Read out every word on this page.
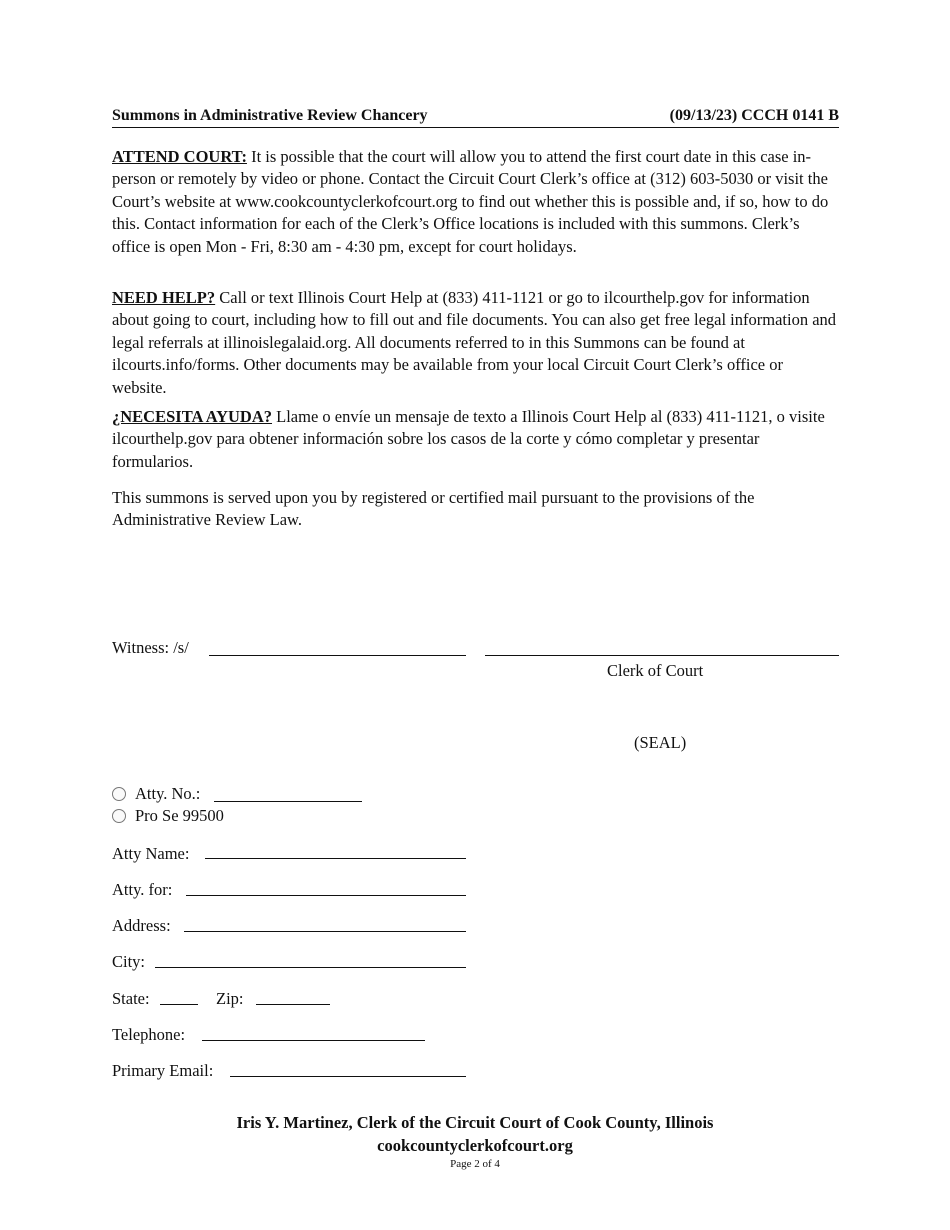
Summons in Administrative Review Chancery	(09/13/23) CCCH 0141 B
ATTEND COURT: It is possible that the court will allow you to attend the first court date in this case in-person or remotely by video or phone. Contact the Circuit Court Clerk’s office at (312) 603-5030 or visit the Court’s website at www.cookcountyclerkofcourt.org to find out whether this is possible and, if so, how to do this. Contact information for each of the Clerk’s Office locations is included with this summons. Clerk’s office is open Mon - Fri, 8:30 am - 4:30 pm, except for court holidays.
NEED HELP? Call or text Illinois Court Help at (833) 411-1121 or go to ilcourthelp.gov for information about going to court, including how to fill out and file documents. You can also get free legal information and legal referrals at illinoislegalaid.org. All documents referred to in this Summons can be found at ilcourts.info/forms. Other documents may be available from your local Circuit Court Clerk’s office or website.
¿NECESITA AYUDA? Llame o envíe un mensaje de texto a Illinois Court Help al (833) 411-1121, o visite ilcourthelp.gov para obtener información sobre los casos de la corte y cómo completar y presentar formularios.
This summons is served upon you by registered or certified mail pursuant to the provisions of the Administrative Review Law.
Witness: /s/
Clerk of Court
(SEAL)
Atty. No.:
Pro Se 99500
Atty Name:
Atty. for:
Address:
City:
State:	Zip:
Telephone:
Primary Email:
Iris Y. Martinez, Clerk of the Circuit Court of Cook County, Illinois
cookcountyclerkofcourt.org
Page 2 of 4
